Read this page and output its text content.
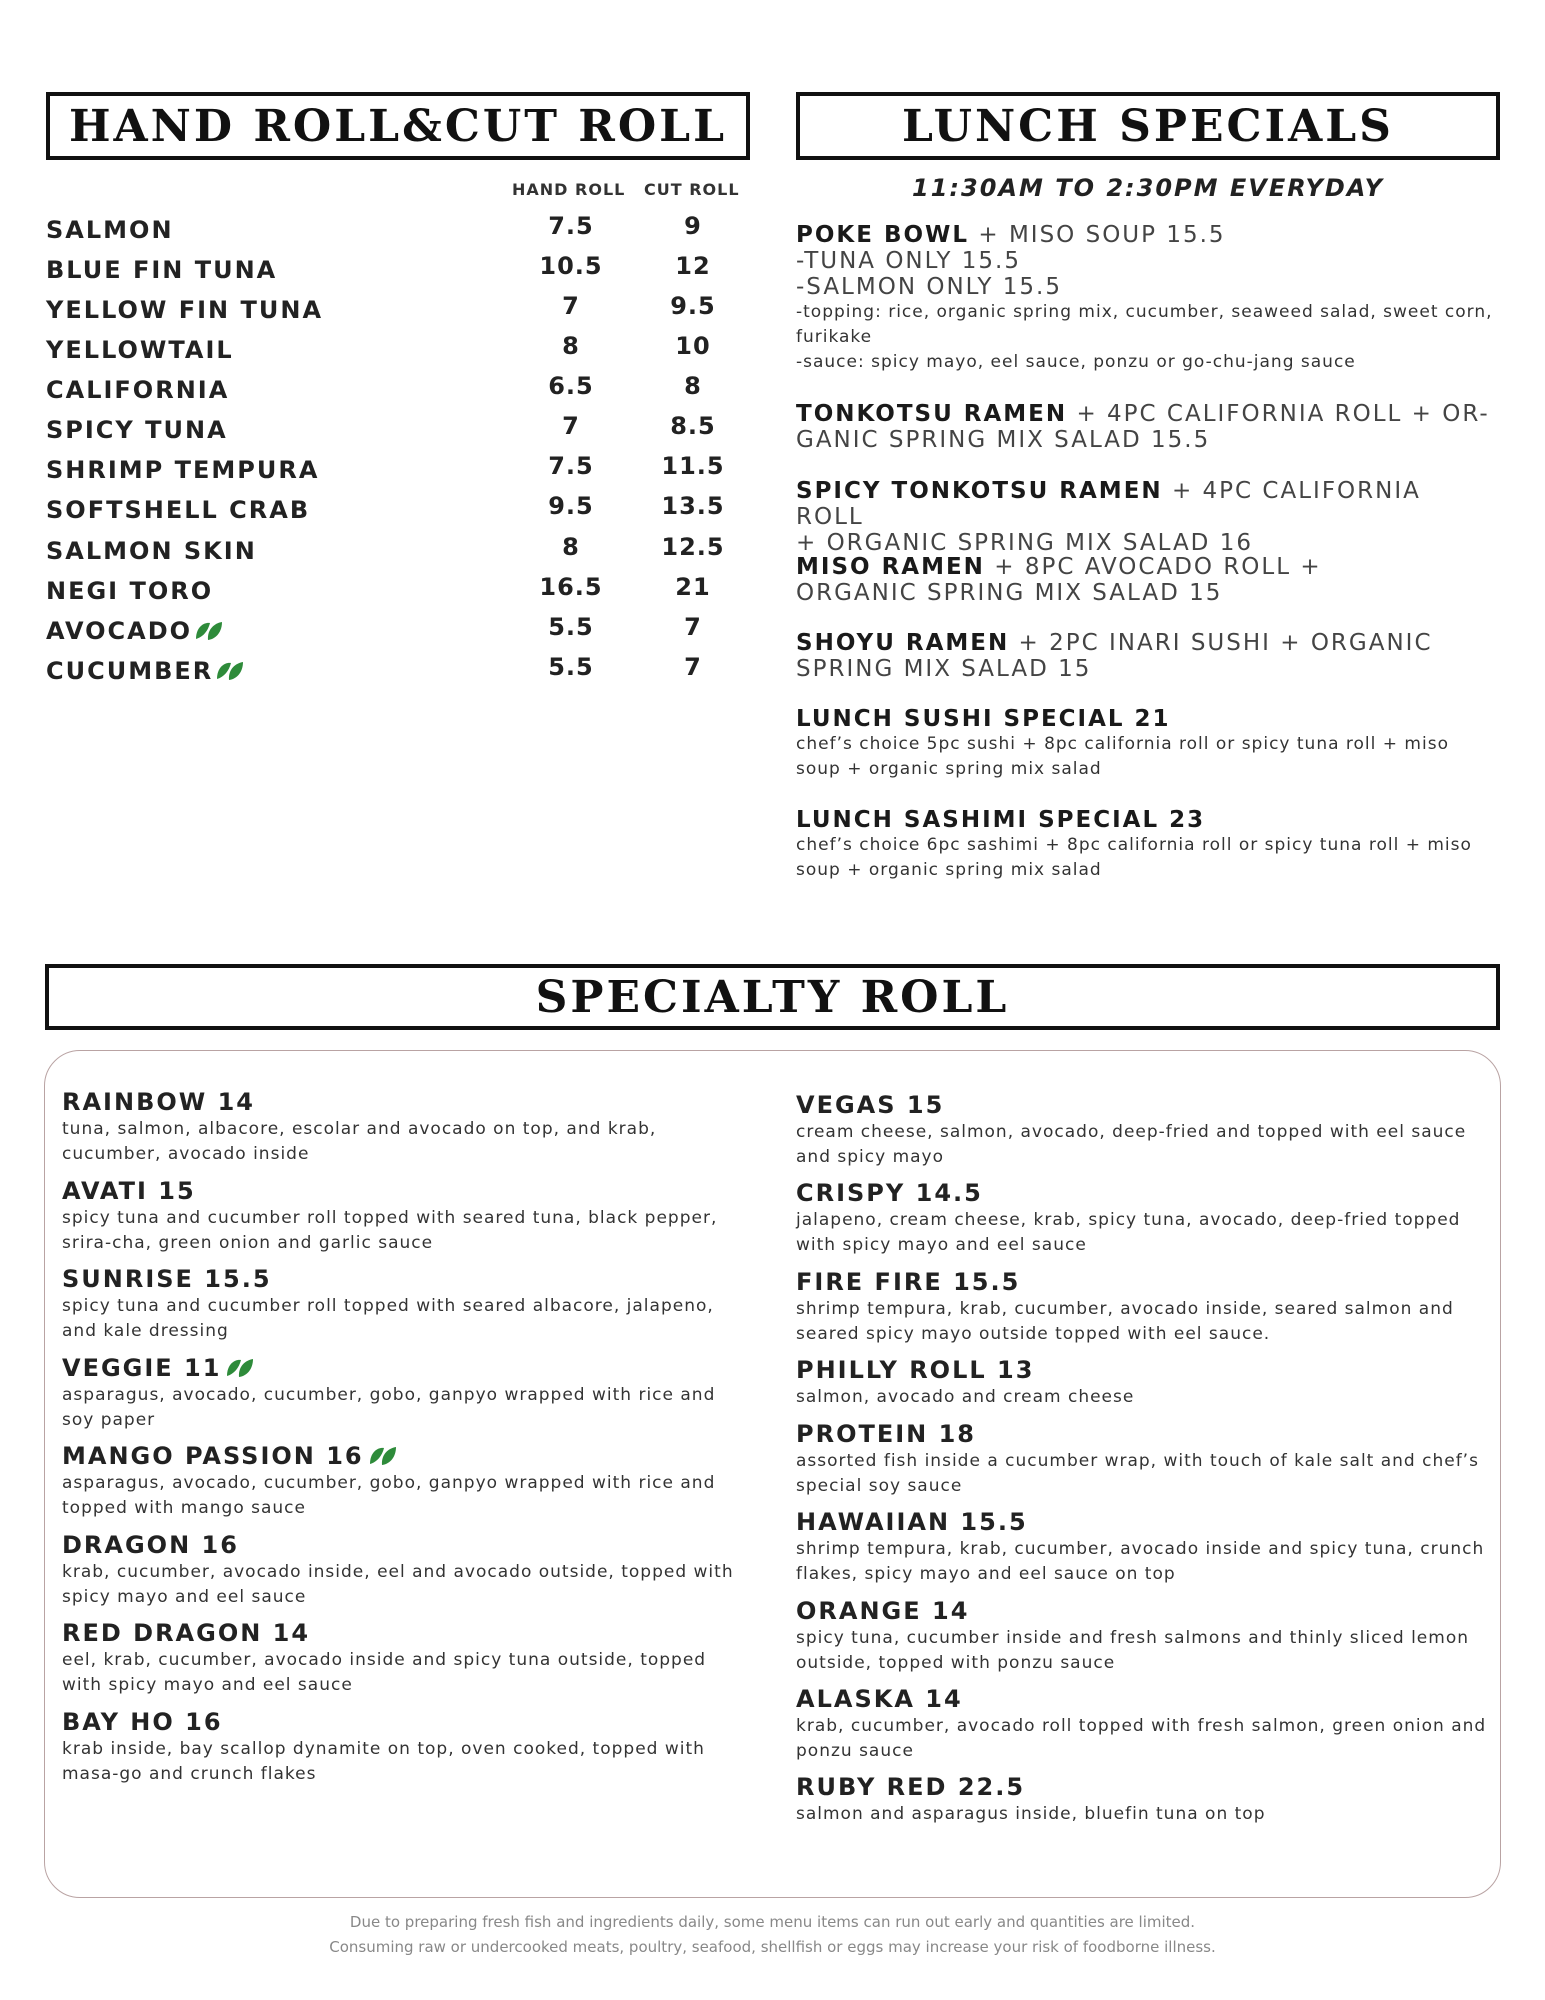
HAND ROLL&CUT ROLL
HAND ROLL CUT ROLL
SALMON	7.5	9
BLUE FIN TUNA	10.5	12
YELLOW FIN TUNA	7	9.5
YELLOWTAIL	8	10
CALIFORNIA	6.5	8
SPICY TUNA	7	8.5
SHRIMP TEMPURA	7.5	11.5
SOFTSHELL CRAB	9.5	13.5
SALMON SKIN	8	12.5
NEGI TORO	16.5	21
AVOCADO	5.5	7
CUCUMBER	5.5	7
LUNCH SPECIALS
11:30AM TO 2:30PM EVERYDAY
POKE BOWL + MISO SOUP 15.5
-TUNA ONLY 15.5
-SALMON ONLY 15.5
-topping: rice, organic spring mix, cucumber, seaweed salad, sweet corn, furikake
-sauce: spicy mayo, eel sauce, ponzu or go-chu-jang sauce
TONKOTSU RAMEN + 4PC CALIFORNIA ROLL + OR-
GANIC SPRING MIX SALAD 15.5
SPICY TONKOTSU RAMEN + 4PC CALIFORNIA ROLL
+ ORGANIC SPRING MIX SALAD 16
MISO RAMEN + 8PC AVOCADO ROLL +
ORGANIC SPRING MIX SALAD 15
SHOYU RAMEN + 2PC INARI SUSHI + ORGANIC
SPRING MIX SALAD 15
LUNCH SUSHI SPECIAL 21
chef’s choice 5pc sushi + 8pc california roll or spicy tuna roll + miso soup + organic spring mix salad
LUNCH SASHIMI SPECIAL 23
chef’s choice 6pc sashimi + 8pc california roll or spicy tuna roll + miso soup + organic spring mix salad
SPECIALTY ROLL
RAINBOW 14
tuna, salmon, albacore, escolar and avocado on top, and krab, cucumber, avocado inside
AVATI 15
spicy tuna and cucumber roll topped with seared tuna, black pepper, srira-cha, green onion and garlic sauce
SUNRISE 15.5
spicy tuna and cucumber roll topped with seared albacore, jalapeno, and kale dressing
VEGGIE 11
asparagus, avocado, cucumber, gobo, ganpyo wrapped with rice and soy paper
MANGO PASSION 16
asparagus, avocado, cucumber, gobo, ganpyo wrapped with rice and topped with mango sauce
DRAGON 16
krab, cucumber, avocado inside, eel and avocado outside, topped with spicy mayo and eel sauce
RED DRAGON 14
eel, krab, cucumber, avocado inside and spicy tuna outside, topped with spicy mayo and eel sauce
BAY HO 16
krab inside, bay scallop dynamite on top, oven cooked, topped with masa-go and crunch flakes
VEGAS 15
cream cheese, salmon, avocado, deep-fried and topped with eel sauce and spicy mayo
CRISPY 14.5
jalapeno, cream cheese, krab, spicy tuna, avocado, deep-fried topped with spicy mayo and eel sauce
FIRE FIRE 15.5
shrimp tempura, krab, cucumber, avocado inside, seared salmon and seared spicy mayo outside topped with eel sauce.
PHILLY ROLL 13
salmon, avocado and cream cheese
PROTEIN 18
assorted fish inside a cucumber wrap, with touch of kale salt and chef’s special soy sauce
HAWAIIAN 15.5
shrimp tempura, krab, cucumber, avocado inside and spicy tuna, crunch flakes, spicy mayo and eel sauce on top
ORANGE 14
spicy tuna, cucumber inside and fresh salmons and thinly sliced lemon outside, topped with ponzu sauce
ALASKA 14
krab, cucumber, avocado roll topped with fresh salmon, green onion and ponzu sauce
RUBY RED 22.5
salmon and asparagus inside, bluefin tuna on top
Due to preparing fresh fish and ingredients daily, some menu items can run out early and quantities are limited.
Consuming raw or undercooked meats, poultry, seafood, shellfish or eggs may increase your risk of foodborne illness.
